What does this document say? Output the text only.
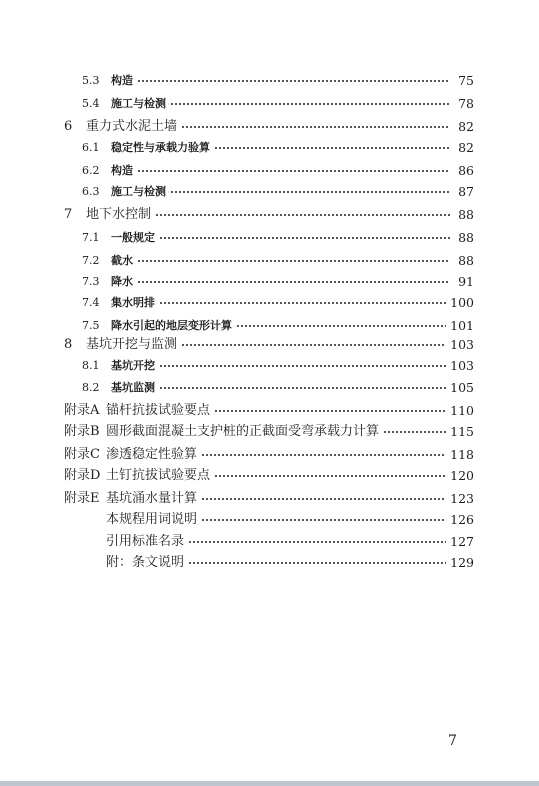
5.3	构造	75
5.4	施工与检测	78
6	重力式水泥土墙	82
6.1	稳定性与承载力验算	82
6.2	构造	86
6.3	施工与检测	87
7	地下水控制	88
7.1	一般规定	88
7.2	截水	88
7.3	降水	91
7.4	集水明排	100
7.5	降水引起的地层变形计算	101
8	基坑开挖与监测	103
8.1	基坑开挖	103
8.2	基坑监测	105
附录A 锚杆抗拔试验要点	110
附录B 圆形截面混凝土支护桩的正截面受弯承载力计算	115
附录C 渗透稳定性验算	118
附录D 土钉抗拔试验要点	120
附录E 基坑涌水量计算	123
本规程用词说明	126
引用标准名录	127
附：条文说明	129
7
